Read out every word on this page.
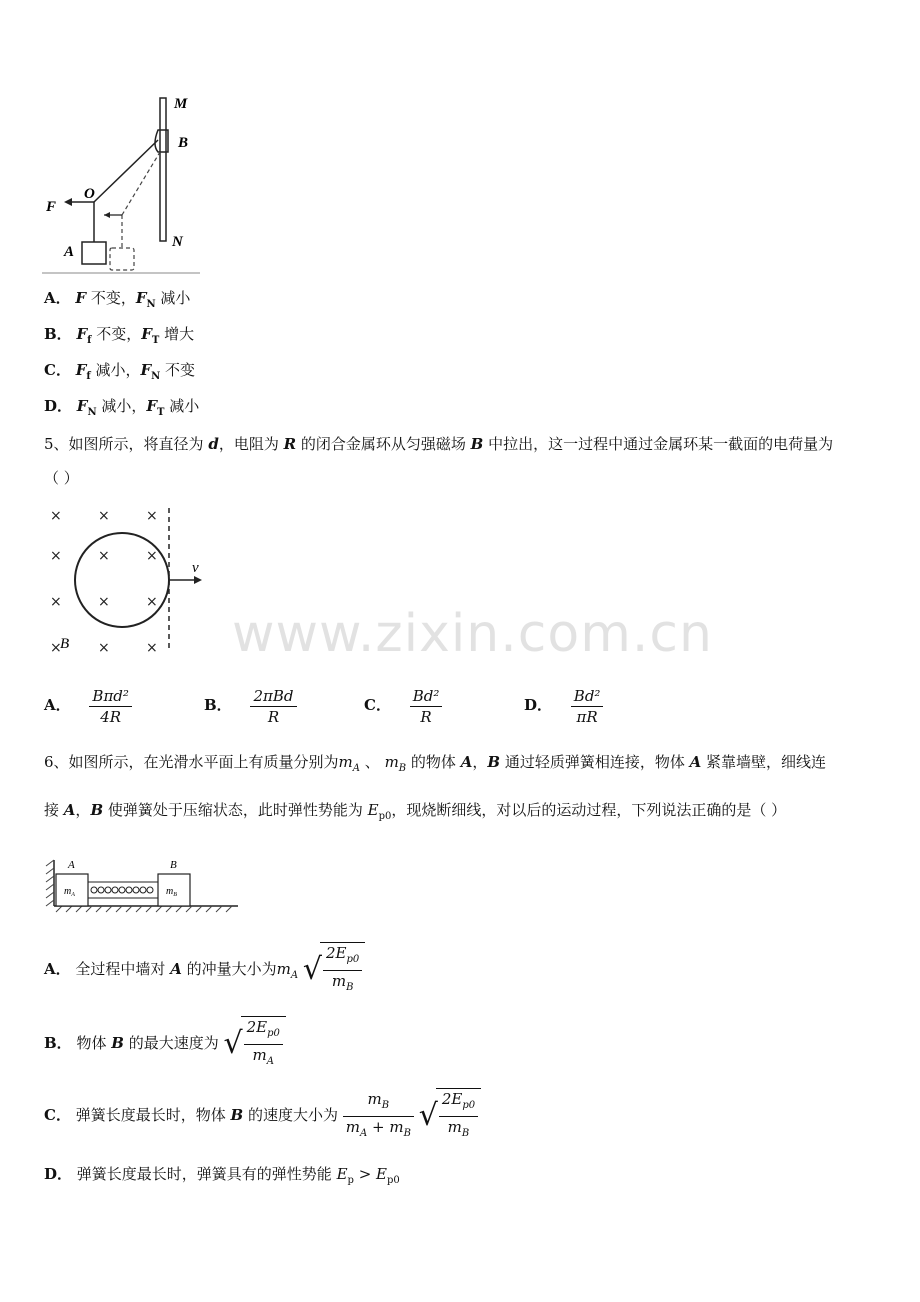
M
B
O
F
A
N
A． F 不变，$F_N$ 减小
B． $F_f$ 不变，$F_T$ 增大
C． $F_f$ 减小，$F_N$ 不变
D． $F_N$ 减小，$F_T$ 减小
5、如图所示，将直径为 d，电阻为 R 的闭合金属环从匀强磁场 B 中拉出，这一过程中通过金属环某一截面的电荷量为
（ ）
×	×	×
×	×	×
×	×	×
×	×	×
v
B
A． $\frac{\text{Bπd²}}{4R}$	B． $\frac{\text{2πBd}}{R}$	C． $\frac{\text{Bd²}}{R}$	D． $\frac{\text{Bd²}}{\pi R}$
6、如图所示，在光滑水平面上有质量分别为$m_A$ 、 $m_B$ 的物体 A，B 通过轻质弹簧相连接，物体 A 紧靠墙壁，细线连
接 A，B 使弹簧处于压缩状态，此时弹性势能为 $E_{p0}$，现烧断细线，对以后的运动过程，下列说法正确的是（ ）
A	B
$m_A$	$m_B$
A． 全过程中墙对 A 的冲量大小为$m_A$ √ $\frac{2E_{p0}}{m_B}$
B． 物体 B 的最大速度为 √ $\frac{2E_{p0}}{m_A}$
C． 弹簧长度最长时，物体 B 的速度大小为 $\frac{m_B}{m_A + m_B}$ √ $\frac{2E_{p0}}{m_B}$
D． 弹簧长度最长时，弹簧具有的弹性势能 $E_p > E_{p0}$
www.zixin.com.cn
